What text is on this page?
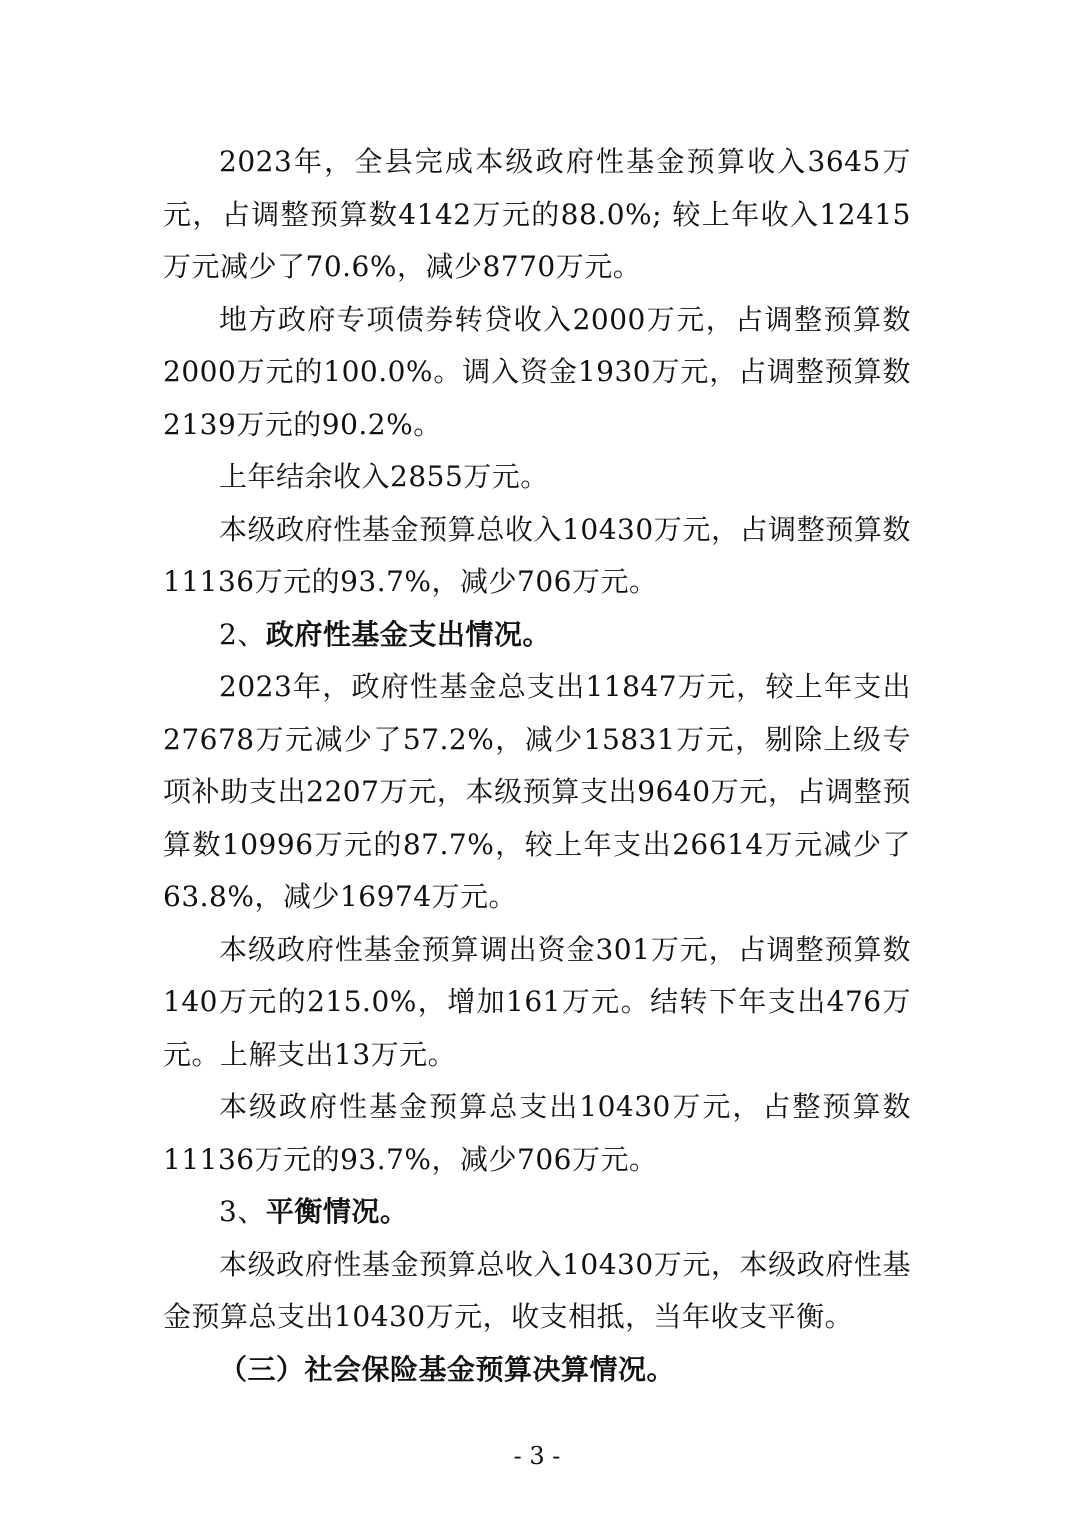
2023年，全县完成本级政府性基金预算收入3645万元，占调整预算数4142万元的88.0%; 较上年收入12415万元减少了70.6%，减少8770万元。

地方政府专项债券转贷收入2000万元，占调整预算数2000万元的100.0%。调入资金1930万元，占调整预算数2139万元的90.2%。

上年结余收入2855万元。

本级政府性基金预算总收入10430万元，占调整预算数11136万元的93.7%，减少706万元。

2、政府性基金支出情况。

2023年，政府性基金总支出11847万元，较上年支出27678万元减少了57.2%，减少15831万元，剔除上级专项补助支出2207万元，本级预算支出9640万元，占调整预算数10996万元的87.7%，较上年支出26614万元减少了63.8%，减少16974万元。

本级政府性基金预算调出资金301万元，占调整预算数140万元的215.0%，增加161万元。结转下年支出476万元。上解支出13万元。

本级政府性基金预算总支出10430万元，占整预算数11136万元的93.7%，减少706万元。

3、平衡情况。

本级政府性基金预算总收入10430万元，本级政府性基金预算总支出10430万元，收支相抵，当年收支平衡。

（三）社会保险基金预算决算情况。

- 3 -
